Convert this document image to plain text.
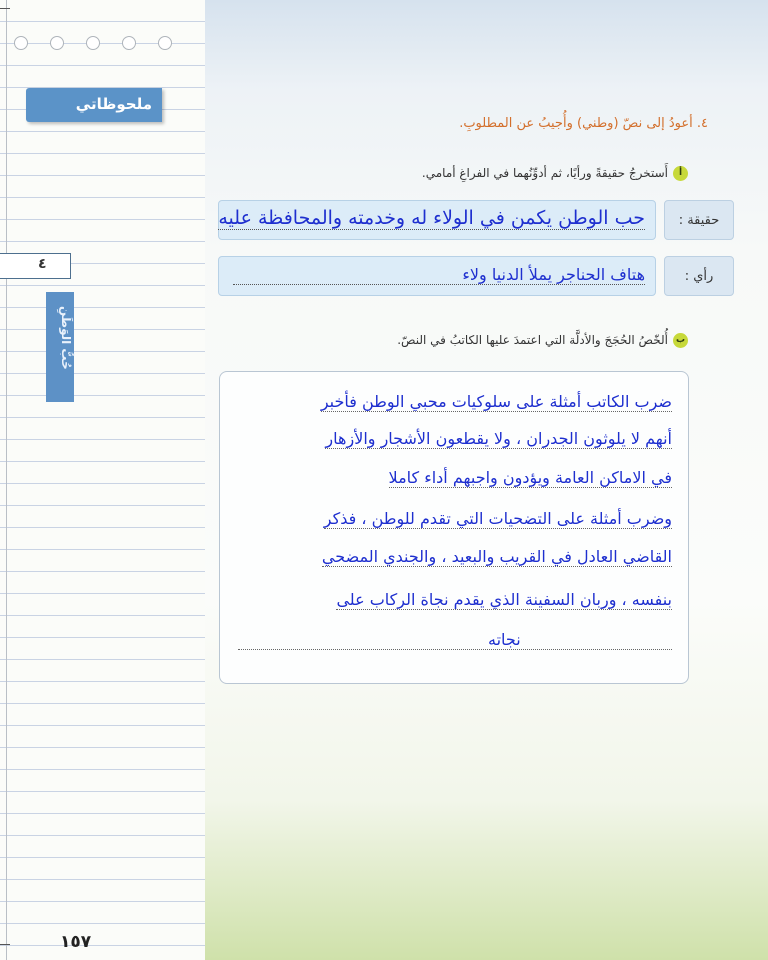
ملحوظاتي
٤
حُبُّ الوَطَنِ
١٥٧
٤. أعودُ إلى نصّ (وطني) وأُجيبُ عن المطلوبِ.
أأَستخرجُ حقيقةً ورأيًا، ثم أدوِّنُهما في الفراغِ أمامي.
حقيقة :
حب الوطن يكمن في الولاء له وخدمته والمحافظة عليه
رأي :
هتاف الحناجر يملأ الدنيا ولاء
بأُلخّصُ الحُجَجَ والأدلَّة التي اعتمدَ عليها الكاتبُ في النصّ.
ضرب الكاتب أمثلة على سلوكيات محبي الوطن فأخبر
أنهم لا يلوثون الجدران ، ولا يقطعون الأشجار والأزهار
في الاماكن العامة ويؤدون واجبهم أداء كاملا
وضرب أمثلة على التضحيات التي تقدم للوطن ، فذكر
القاضي العادل في القريب والبعيد ، والجندي المضحي
بنفسه ، وربان السفينة الذي يقدم نجاة الركاب على
نجاته
